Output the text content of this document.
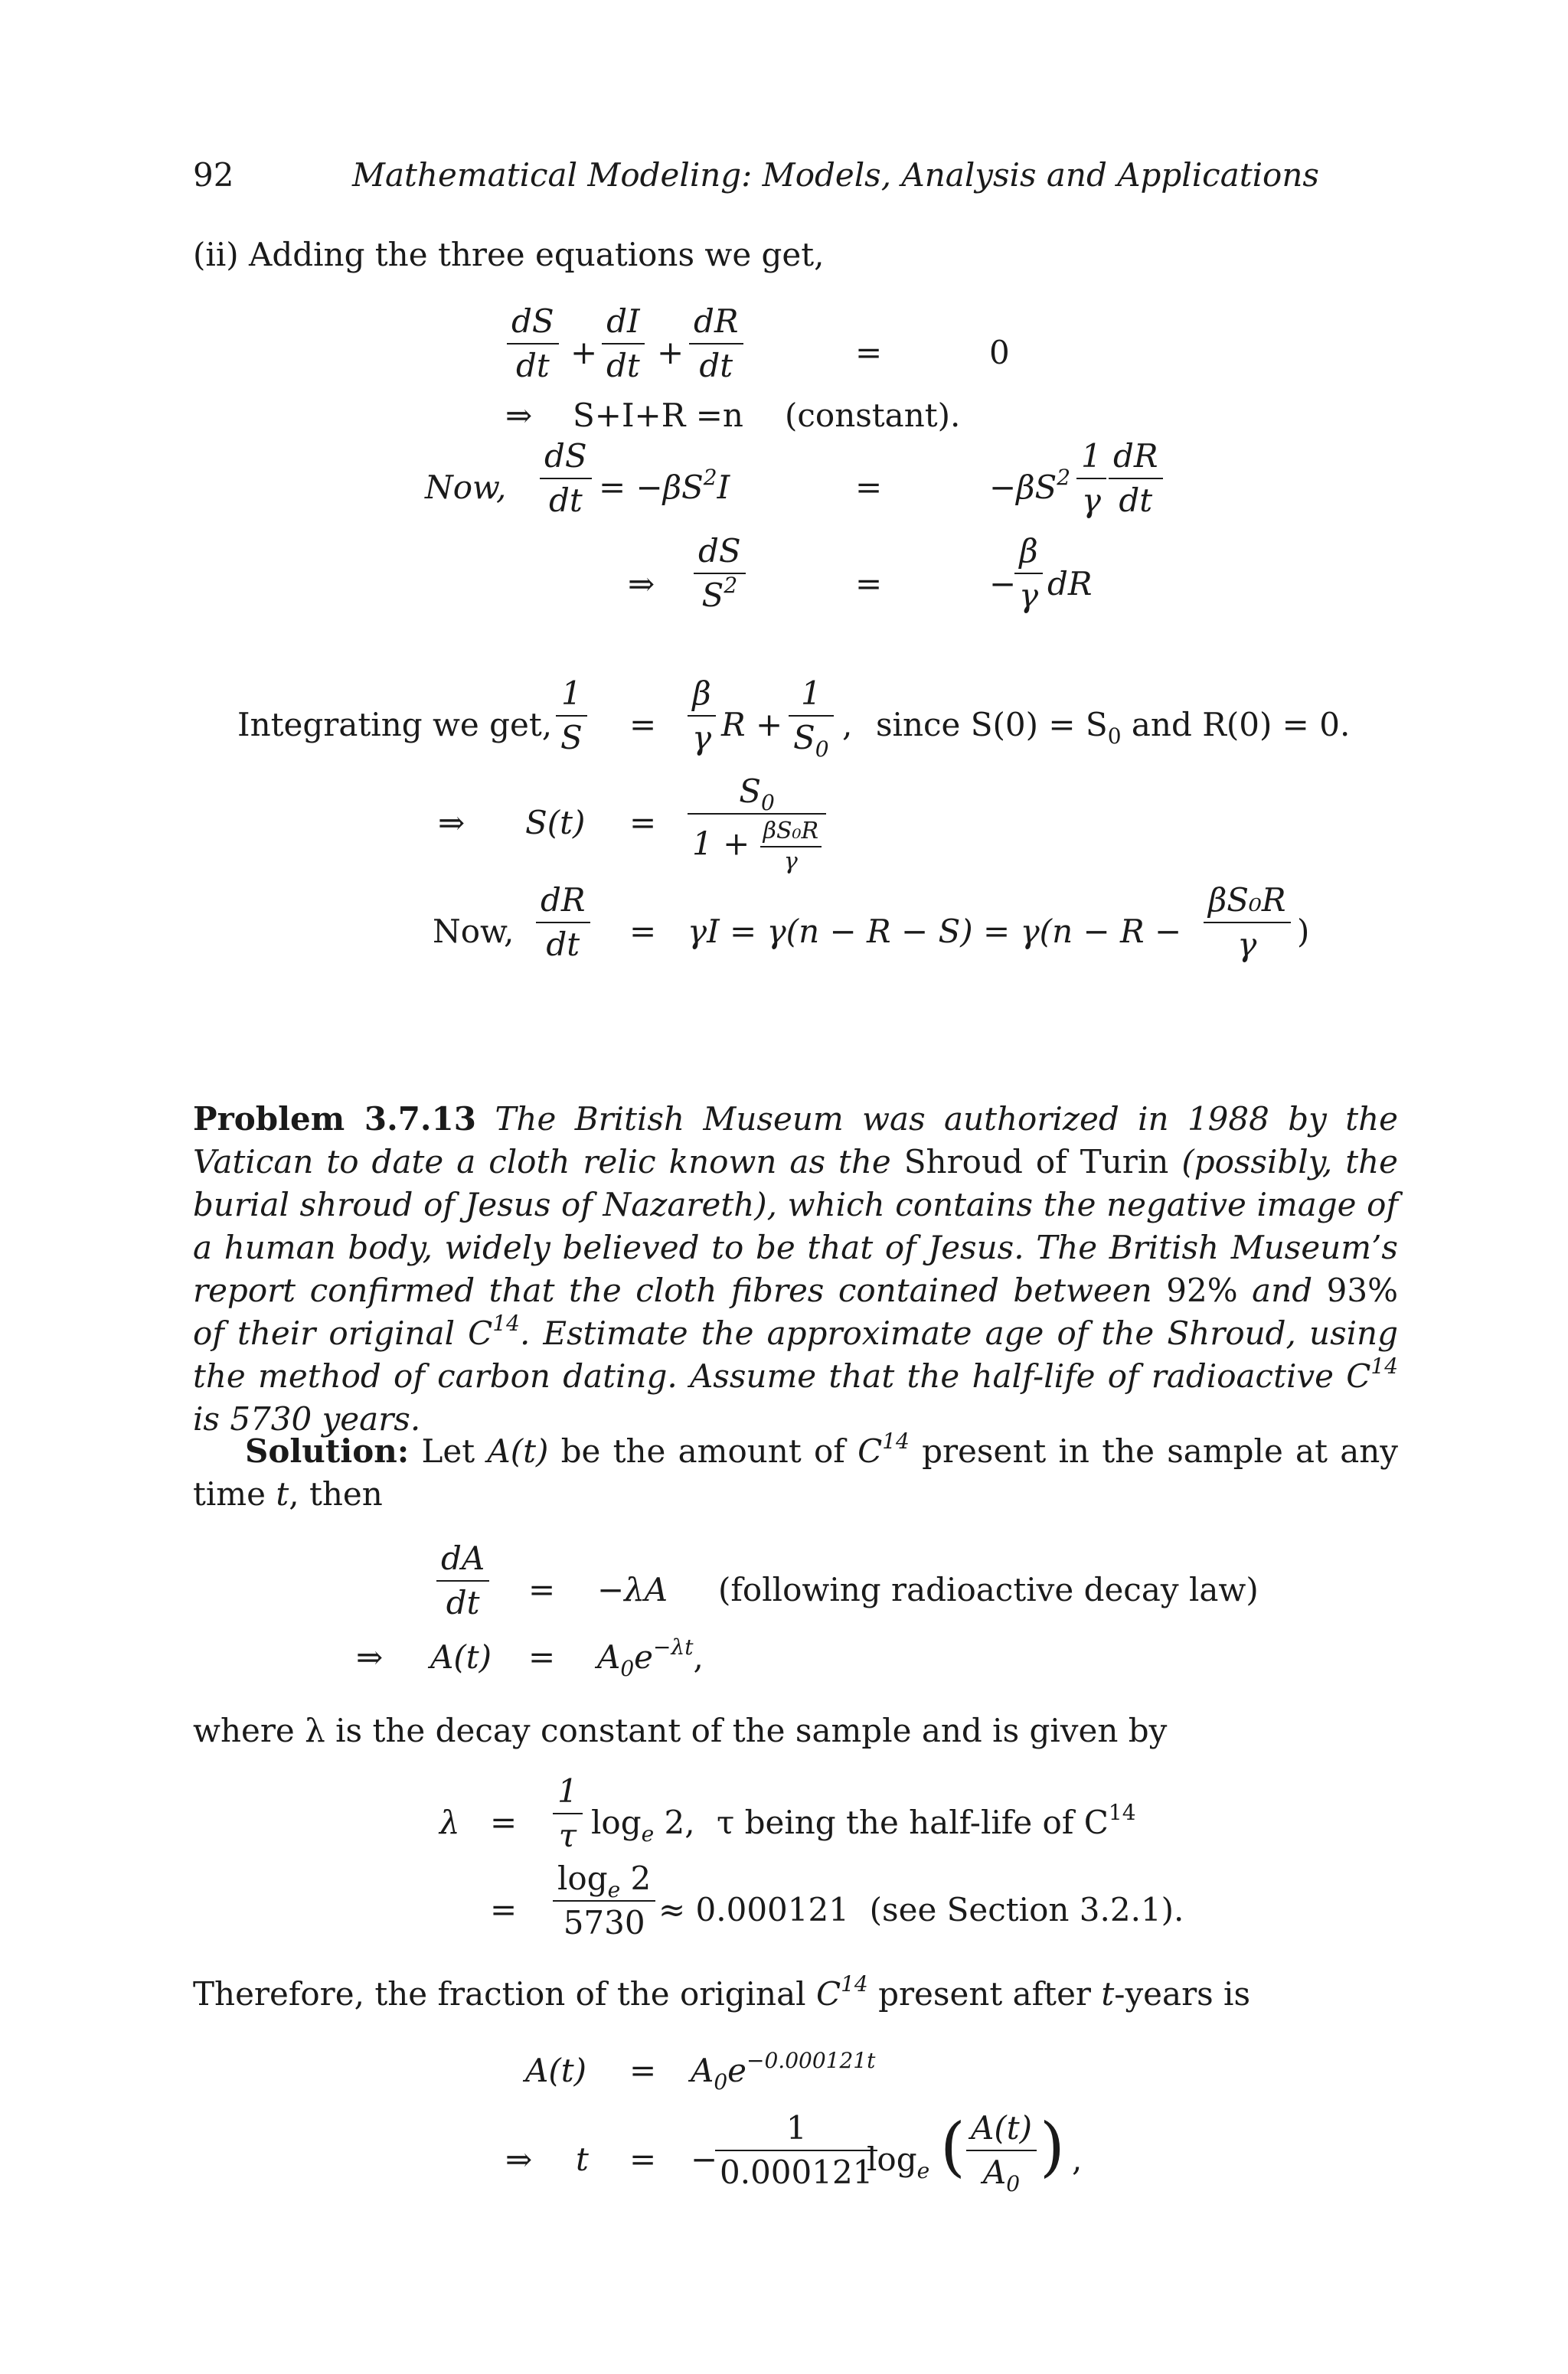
92	Mathematical Modeling: Models, Analysis and Applications
(ii) Adding the three equations we get,
$\frac{dS}{dt} + \frac{dI}{dt} + \frac{dR}{dt}$	=	0
⇒ S+I+R =n (constant).
Now, $\frac{dS}{dt} = -\beta S^2I$	=	$-\beta S^2 \frac{1}{\gamma} \frac{dR}{dt}$
⇒ $\frac{dS}{S^2}$	=	−
$\frac{\beta}{\gamma}$ dR
Integrating we get, $\frac{1}{S} = \frac{\beta}{\gamma}$ $R + \frac{1}{S_0}$ , since $S(0) = S_0$ and R(0) = 0.
⇒ $S(t) = \frac{S_0}{1 + \frac{\text{βS₀R}}{\gamma}}$
Now, $\frac{dR}{dt} = \gamma I = \gamma(n - R - S) = \gamma(n - R - \frac{\text{βS₀R}}{\gamma}$ )
Problem 3.7.13 The British Museum was authorized in 1988 by the Vatican to date a cloth relic known as the Shroud of Turin (possibly, the burial shroud of Jesus of Nazareth), which contains the negative image of a human body, widely believed to be that of Jesus. The British Museum’s report confirmed that the cloth fibres contained between 92% and 93% of their original $C^{14}$. Estimate the approximate age of the Shroud, using the method of carbon dating. Assume that the half-life of radioactive $C^{14}$ is 5730 years.
Solution: Let A(t) be the amount of $C^{14}$ present in the sample at any time t, then
$\frac{dA}{dt} = -\lambda A$ (following radioactive decay law)
⇒ $A(t) = A_0e^{-\lambda t}$,
where λ is the decay constant of the sample and is given by
$\lambda = \frac{1}{\tau} \log_e 2$, τ being the half-life of $C^{14}$
= $\frac{\log_e 2}{5730} \approx 0.000121$  (see Section 3.2.1).
Therefore, the fraction of the original $C^{14}$ present after t-years is
$A(t) = A_0e^{-0.000121t}$
⇒ t = −
$\frac{1}{0.000121}$
$\log_e$ ( $\frac{A(t)}{A_0}$ ) ,
